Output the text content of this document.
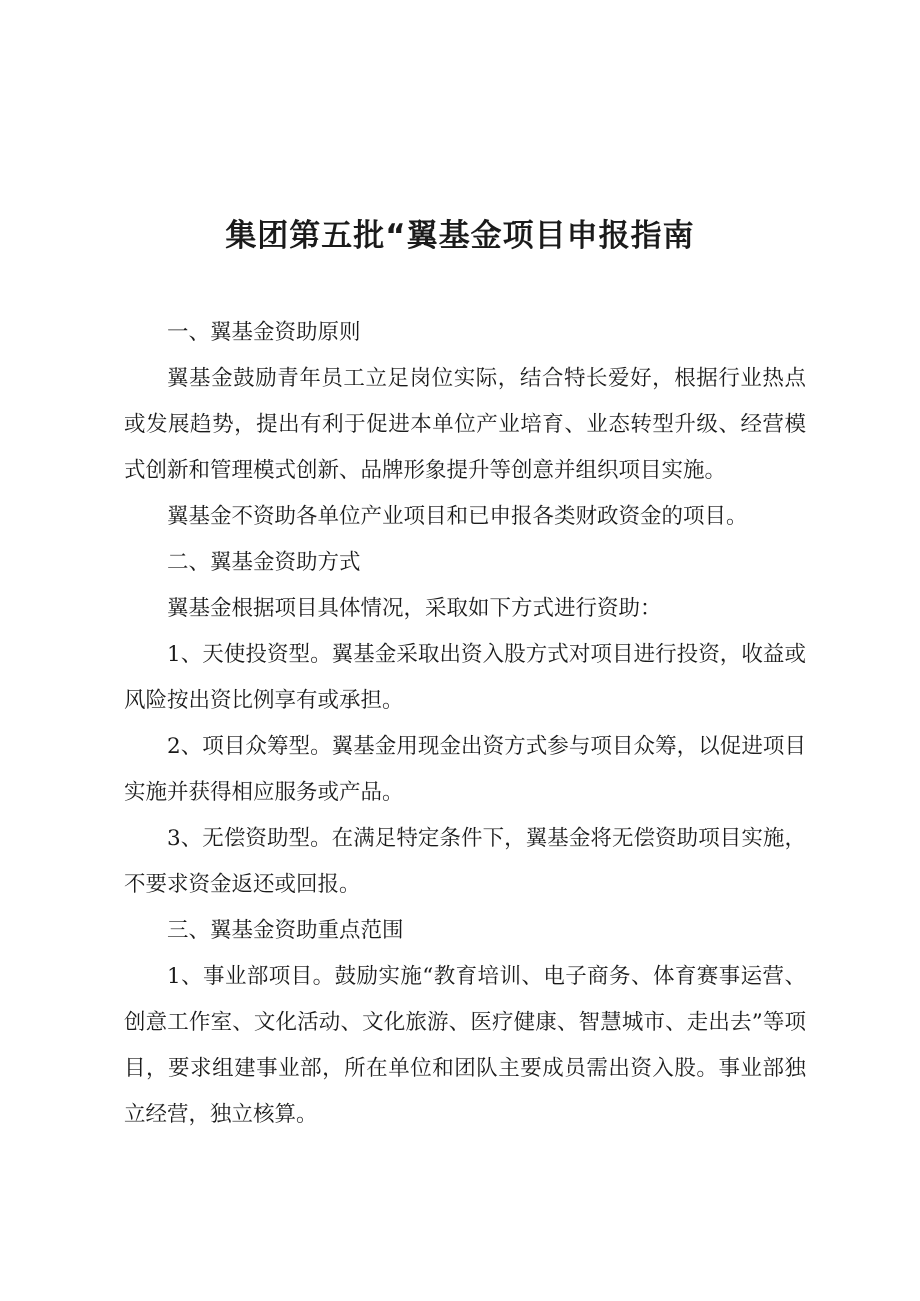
集团第五批“翼基金项目申报指南

一、翼基金资助原则

翼基金鼓励青年员工立足岗位实际，结合特长爱好，根据行业热点或发展趋势，提出有利于促进本单位产业培育、业态转型升级、经营模式创新和管理模式创新、品牌形象提升等创意并组织项目实施。

翼基金不资助各单位产业项目和已申报各类财政资金的项目。

二、翼基金资助方式

翼基金根据项目具体情况，采取如下方式进行资助：

1、天使投资型。翼基金采取出资入股方式对项目进行投资，收益或风险按出资比例享有或承担。

2、项目众筹型。翼基金用现金出资方式参与项目众筹，以促进项目实施并获得相应服务或产品。

3、无偿资助型。在满足特定条件下，翼基金将无偿资助项目实施，不要求资金返还或回报。

三、翼基金资助重点范围

1、事业部项目。鼓励实施“教育培训、电子商务、体育赛事运营、创意工作室、文化活动、文化旅游、医疗健康、智慧城市、走出去”等项目，要求组建事业部，所在单位和团队主要成员需出资入股。事业部独立经营，独立核算。
